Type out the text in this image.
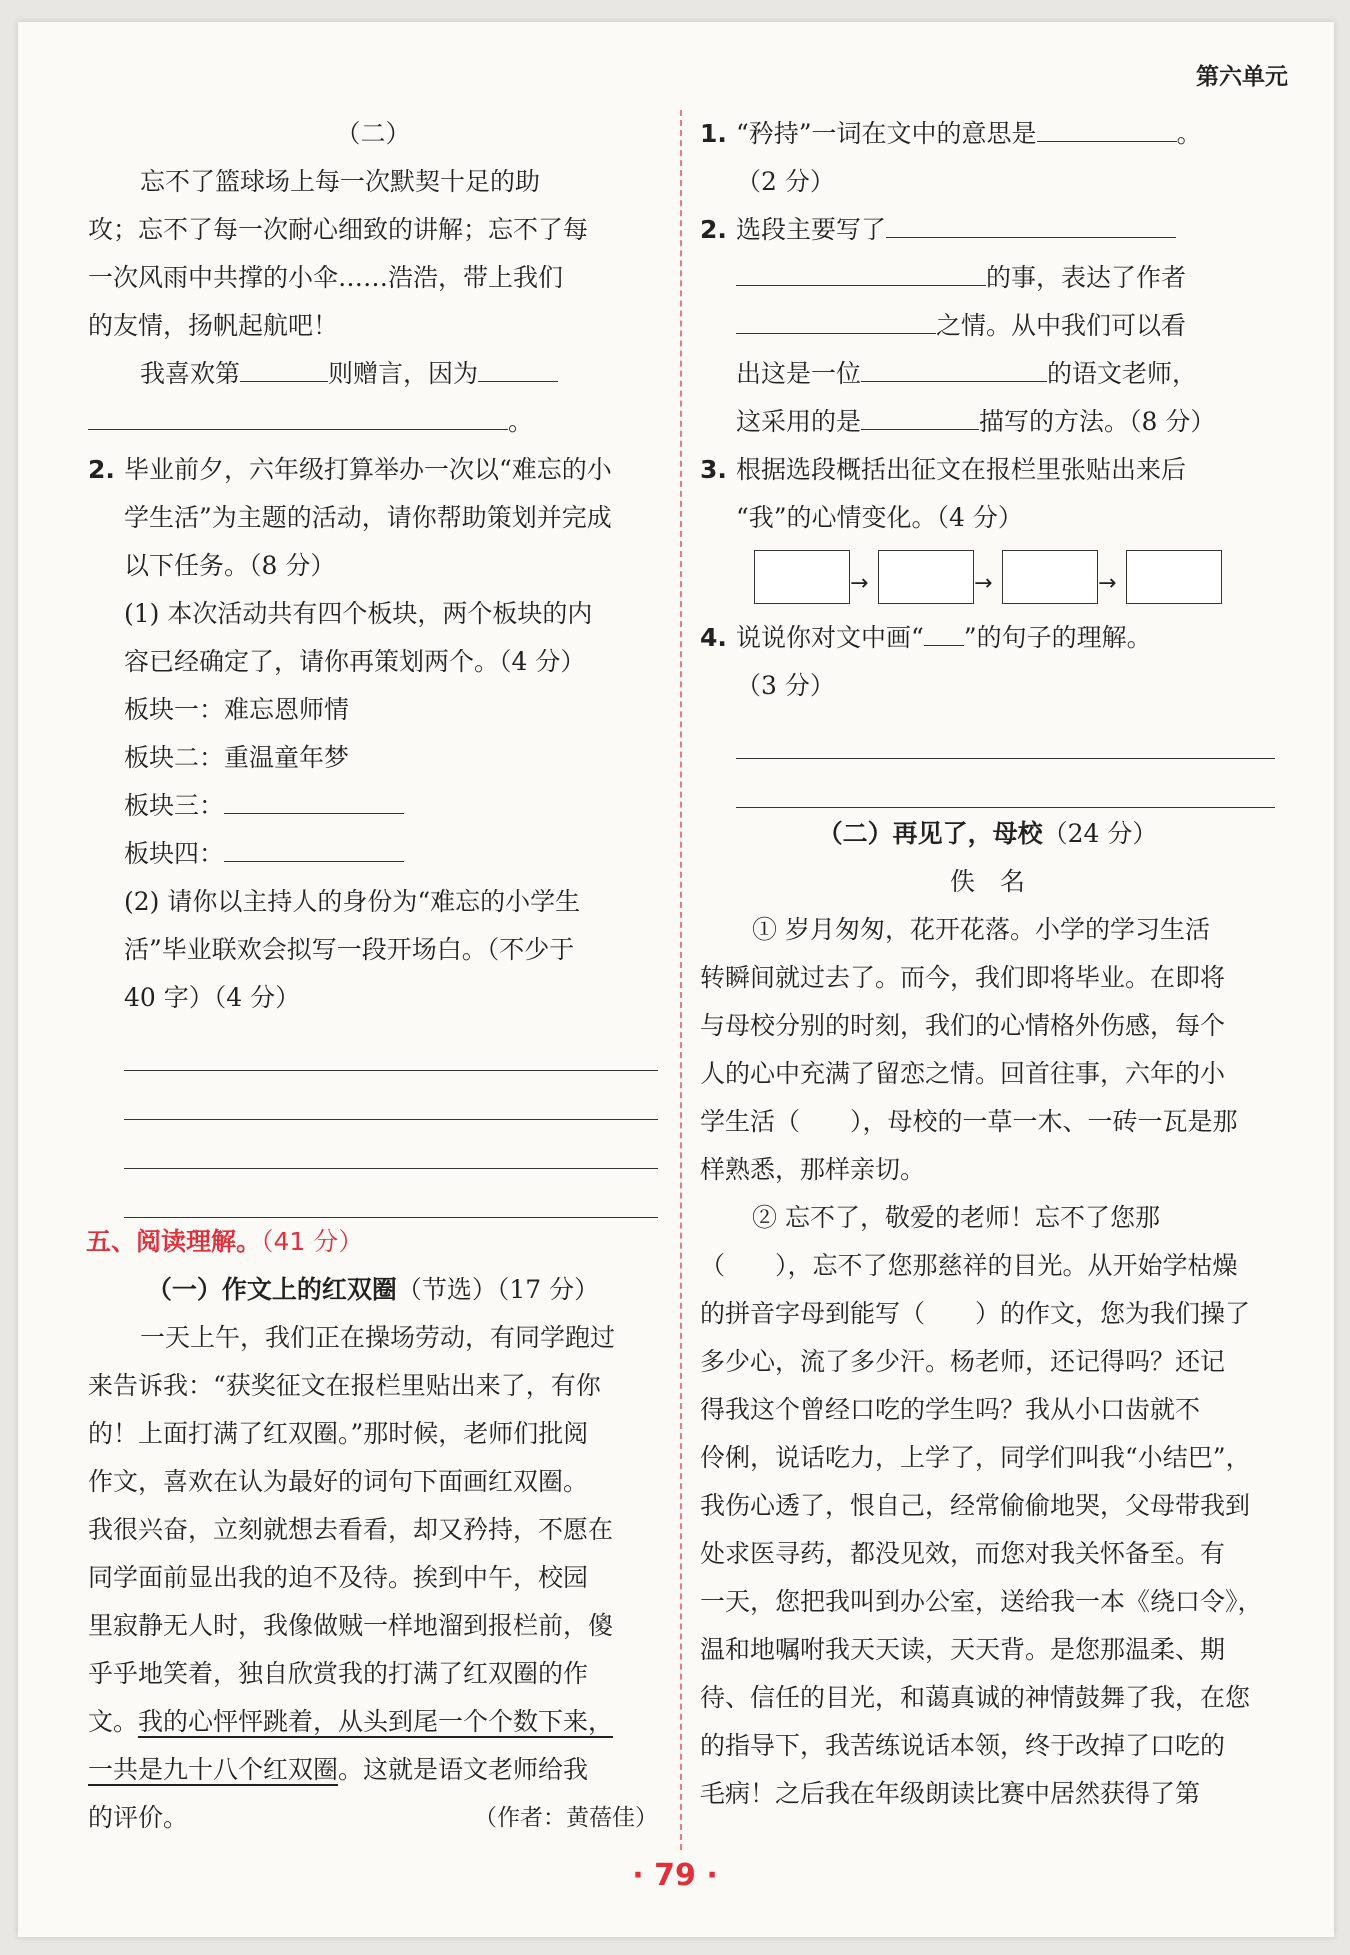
第六单元
（二）
忘不了篮球场上每一次默契十足的助
攻；忘不了每一次耐心细致的讲解；忘不了每
一次风雨中共撑的小伞……浩浩，带上我们
的友情，扬帆起航吧！
我喜欢第	则赠言，因为
。
2. 毕业前夕，六年级打算举办一次以“难忘的小
学生活”为主题的活动，请你帮助策划并完成
以下任务。（8 分）
(1) 本次活动共有四个板块，两个板块的内
容已经确定了，请你再策划两个。（4 分）
板块一：难忘恩师情
板块二：重温童年梦
板块三：
板块四：
(2) 请你以主持人的身份为“难忘的小学生
活”毕业联欢会拟写一段开场白。（不少于
40 字）（4 分）
五、阅读理解。（41 分）
（一）作文上的红双圈（节选）（17 分）
一天上午，我们正在操场劳动，有同学跑过
来告诉我：“获奖征文在报栏里贴出来了，有你
的！上面打满了红双圈。”那时候，老师们批阅
作文，喜欢在认为最好的词句下面画红双圈。
我很兴奋，立刻就想去看看，却又矜持，不愿在
同学面前显出我的迫不及待。挨到中午，校园
里寂静无人时，我像做贼一样地溜到报栏前，傻
乎乎地笑着，独自欣赏我的打满了红双圈的作
文。我的心怦怦跳着，从头到尾一个个数下来，
一共是九十八个红双圈。这就是语文老师给我
的评价。	（作者：黄蓓佳）
1. “矜持”一词在文中的意思是	。
（2 分）
2. 选段主要写了
的事，表达了作者
之情。从中我们可以看
出这是一位	的语文老师，
这采用的是	描写的方法。（8 分）
3. 根据选段概括出征文在报栏里张贴出来后
“我”的心情变化。（4 分）
→	→	→
4. 说说你对文中画“ ”的句子的理解。
（3 分）
（二）再见了，母校（24 分）
佚　名
① 岁月匆匆，花开花落。小学的学习生活
转瞬间就过去了。而今，我们即将毕业。在即将
与母校分别的时刻，我们的心情格外伤感，每个
人的心中充满了留恋之情。回首往事，六年的小
学生活（　　），母校的一草一木、一砖一瓦是那
样熟悉，那样亲切。
② 忘不了，敬爱的老师！忘不了您那
（　　），忘不了您那慈祥的目光。从开始学枯燥
的拼音字母到能写（　　）的作文，您为我们操了
多少心，流了多少汗。杨老师，还记得吗？还记
得我这个曾经口吃的学生吗？我从小口齿就不
伶俐，说话吃力，上学了，同学们叫我“小结巴”，
我伤心透了，恨自己，经常偷偷地哭，父母带我到
处求医寻药，都没见效，而您对我关怀备至。有
一天，您把我叫到办公室，送给我一本《绕口令》，
温和地嘱咐我天天读，天天背。是您那温柔、期
待、信任的目光，和蔼真诚的神情鼓舞了我，在您
的指导下，我苦练说话本领，终于改掉了口吃的
毛病！之后我在年级朗读比赛中居然获得了第
· 79 ·
